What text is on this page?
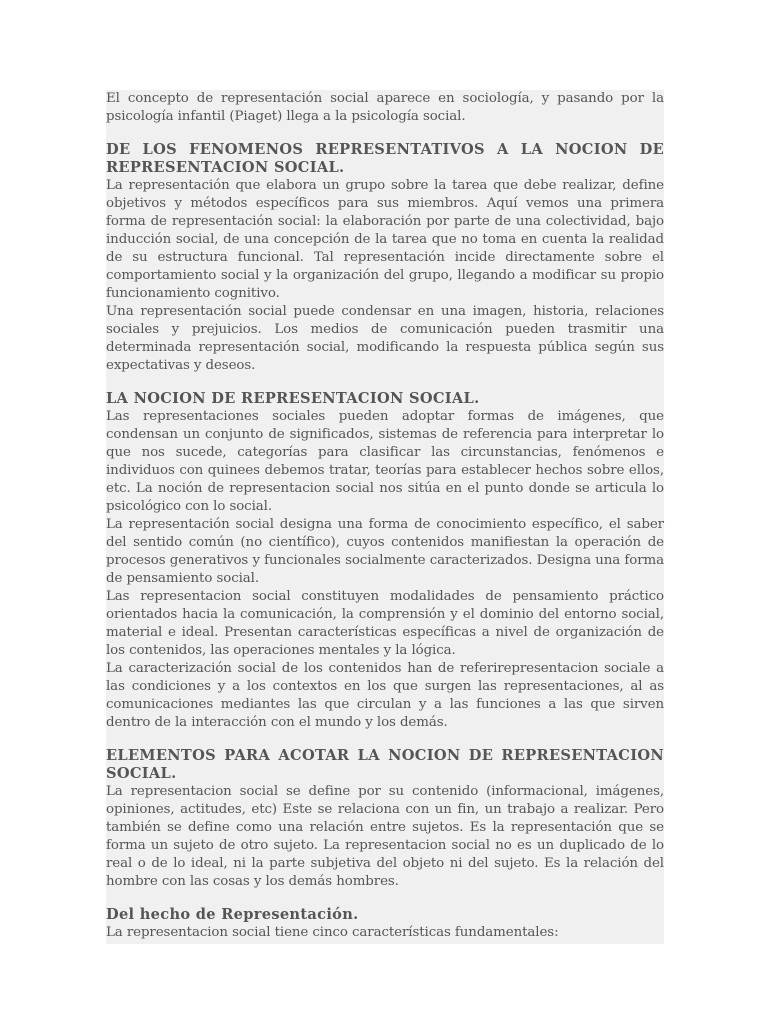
El concepto de representación social aparece en sociología, y pasando por la psicología infantil (Piaget) llega a la psicología social.

DE LOS FENOMENOS REPRESENTATIVOS A LA NOCION DE REPRESENTACION SOCIAL.

La representación que elabora un grupo sobre la tarea que debe realizar, define objetivos y métodos específicos para sus miembros. Aquí vemos una primera forma de representación social: la elaboración por parte de una colectividad, bajo inducción social, de una concepción de la tarea que no toma en cuenta la realidad de su estructura funcional. Tal representación incide directamente sobre el comportamiento social y la organización del grupo, llegando a modificar su propio funcionamiento cognitivo.

Una representación social puede condensar en una imagen, historia, relaciones sociales y prejuicios. Los medios de comunicación pueden trasmitir una determinada representación social, modificando la respuesta pública según sus expectativas y deseos.

LA NOCION DE REPRESENTACION SOCIAL.

Las representaciones sociales pueden adoptar formas de imágenes, que condensan un conjunto de significados, sistemas de referencia para interpretar lo que nos sucede, categorías para clasificar las circunstancias, fenómenos e individuos con quinees debemos tratar, teorías para establecer hechos sobre ellos, etc. La noción de representacion social nos sitúa en el punto donde se articula lo psicológico con lo social.

La representación social designa una forma de conocimiento específico, el saber del sentido común (no científico), cuyos contenidos manifiestan la operación de procesos generativos y funcionales socialmente caracterizados. Designa una forma de pensamiento social.

Las representacion social constituyen modalidades de pensamiento práctico orientados hacia la comunicación, la comprensión y el dominio del entorno social, material e ideal. Presentan características específicas a nivel de organización de los contenidos, las operaciones mentales y la lógica.

La caracterización social de los contenidos han de referirepresentacion sociale a las condiciones y a los contextos en los que surgen las representaciones, al as comunicaciones mediantes las que circulan y a las funciones a las que sirven dentro de la interacción con el mundo y los demás.

ELEMENTOS PARA ACOTAR LA NOCION DE REPRESENTACION SOCIAL.

La representacion social se define por su contenido (informacional, imágenes, opiniones, actitudes, etc) Este se relaciona con un fin, un trabajo a realizar. Pero también se define como una relación entre sujetos. Es la representación que se forma un sujeto de otro sujeto. La representacion social no es un duplicado de lo real o de lo ideal, ni la parte subjetiva del objeto ni del sujeto. Es la relación del hombre con las cosas y los demás hombres.

Del hecho de Representación.

La representacion social tiene cinco características fundamentales:
